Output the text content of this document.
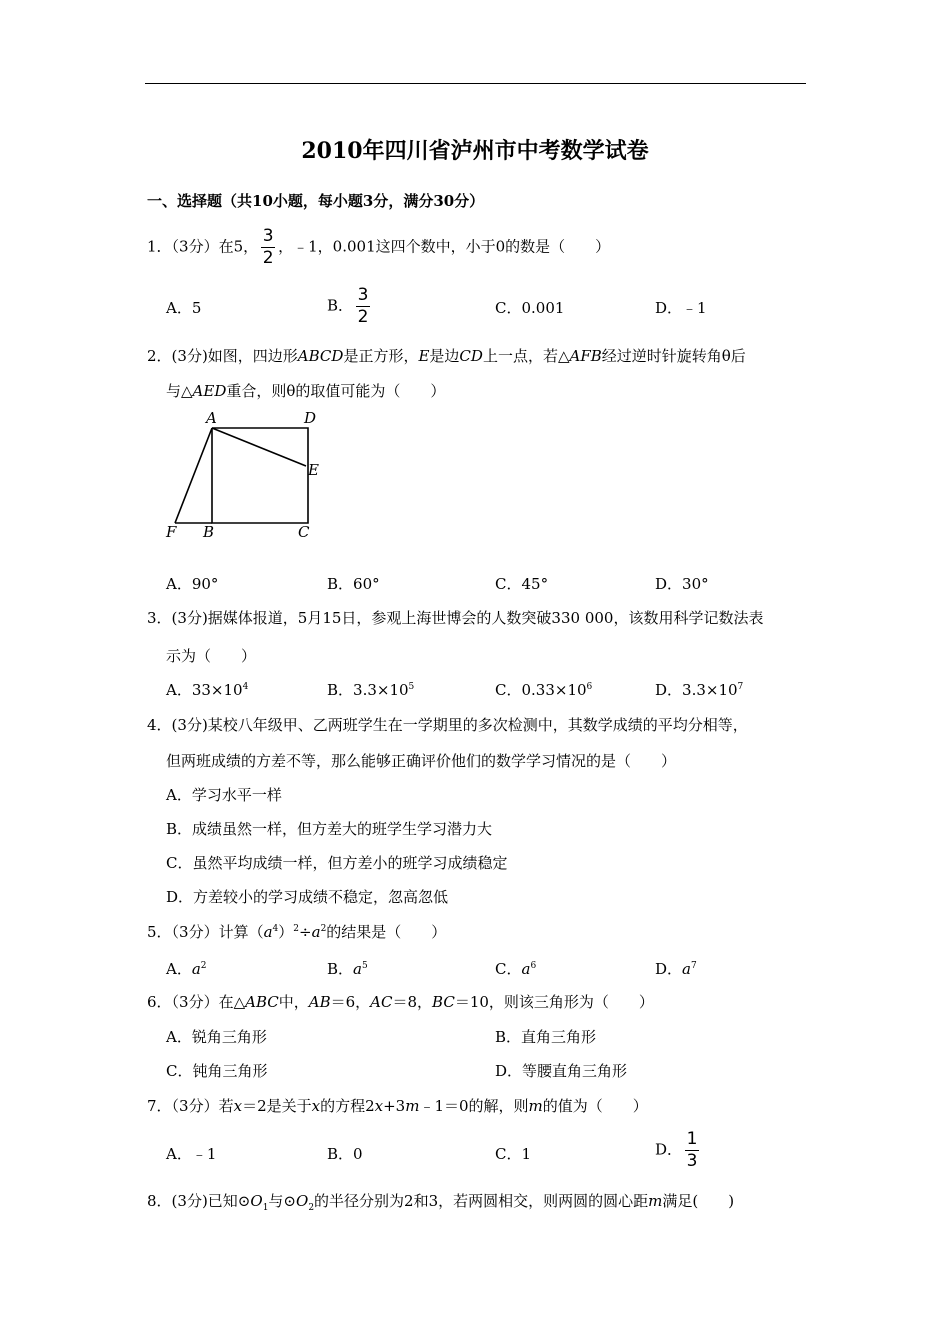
2010年四川省泸州市中考数学试卷
一、选择题（共10小题，每小题3分，满分30分）
1．（3分）在5， $\frac{3}{2}$ ，﹣1，0.001这四个数中，小于0的数是（　　）
A．5	B． $\frac{3}{2}$	C．0.001	D．﹣1
2．(3分)如图，四边形ABCD是正方形，E是边CD上一点，若△AFB经过逆时针旋转角θ后
与△AED重合，则θ的取值可能为（　　）
A	D
E
F B	C
A．90°	B．60°	C．45°	D．30°
3．(3分)据媒体报道，5月15日，参观上海世博会的人数突破330 000，该数用科学记数法表
示为（　　）
A．$33\times 10^4$	B．$3.3\times 10^5$	C．$0.33\times 10^6$	D．$3.3\times 10^7$
4．(3分)某校八年级甲、乙两班学生在一学期里的多次检测中，其数学成绩的平均分相等，
但两班成绩的方差不等，那么能够正确评价他们的数学学习情况的是（　　）
A．学习水平一样
B．成绩虽然一样，但方差大的班学生学习潜力大
C．虽然平均成绩一样，但方差小的班学习成绩稳定
D．方差较小的学习成绩不稳定，忽高忽低
5．（3分）计算$(a^4)^2\div a^2$的结果是（　　）
A．$a^2$	B．$a^5$	C．$a^6$	D．$a^7$
6．（3分）在△ABC中，AB＝6，AC＝8，BC＝10，则该三角形为（　　）
A．锐角三角形	B．直角三角形
C．钝角三角形	D．等腰直角三角形
7．（3分）若x＝2是关于x的方程2x+3m﹣1＝0的解，则m的值为（　　）
A．﹣1	B．0	C．1	D． $\frac{1}{3}$
8．(3分)已知$⊙O_1$与$⊙O_2$的半径分别为2和3，若两圆相交，则两圆的圆心距m满足(　　)
